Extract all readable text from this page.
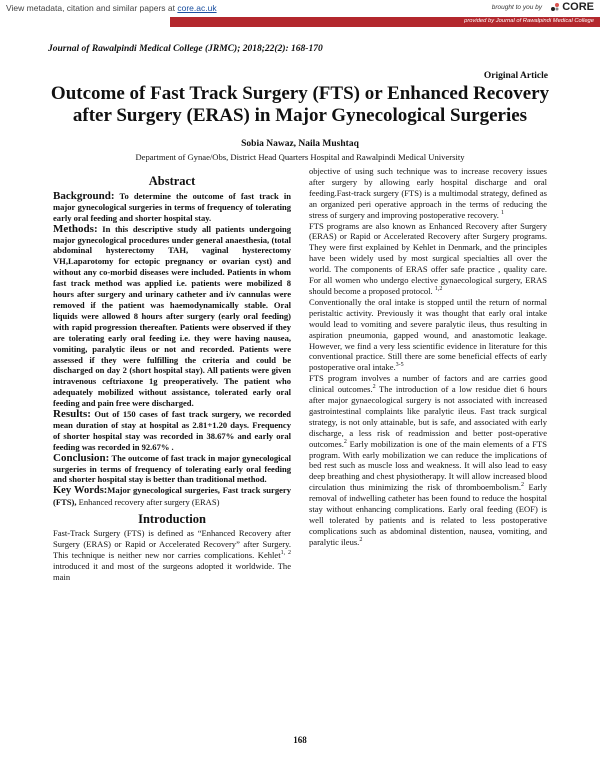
View metadata, citation and similar papers at core.ac.uk	brought to you by CORE
provided by Journal of Rawalpindi Medical College
Journal of Rawalpindi Medical College (JRMC); 2018;22(2): 168-170
Original Article
Outcome of Fast Track Surgery (FTS) or Enhanced Recovery after Surgery (ERAS) in Major Gynecological Surgeries
Sobia Nawaz, Naila Mushtaq
Department of Gynae/Obs, District Head Quarters Hospital and Rawalpindi Medical University
Abstract

Background: To determine the outcome of fast track in major gynecological surgeries in terms of frequency of tolerating early oral feeding and shorter hospital stay.

Methods: In this descriptive study all patients undergoing major gynecological procedures under general anaesthesia, (total abdominal hysterectomy TAH, vaginal hysterectomy VH,Laparotomy for ectopic pregnancy or ovarian cyst) and without any co-morbid diseases were included. Patients in whom fast track method was applied i.e. patients were mobilized 8 hours after surgery and urinary catheter and i/v cannulas were removed if the patient was haemodynamically stable. Oral liquids were allowed 8 hours after surgery (early oral feeding) with rapid progression thereafter. Patients were observed if they are tolerating early oral feeding i.e. they were having nausea, vomiting, paralytic ileus or not and recorded. Patients were assessed if they were fulfilling the criteria and could be discharged on day 2 (short hospital stay). All patients were given intravenous ceftriaxone 1g preoperatively. The patient who adequately mobilized without assistance, tolerated early oral feeding and pain free were discharged.

Results: Out of 150 cases of fast track surgery, we recorded mean duration of stay at hospital as 2.81+1.20 days. Frequency of shorter hospital stay was recorded in 38.67% and early oral feeding was recorded in 92.67% .

Conclusion: The outcome of fast track in major gynecological surgeries in terms of frequency of tolerating early oral feeding and shorter hospital stay is better than traditional method.

Key Words:Major gynecological surgeries, Fast track surgery (FTS), Enhanced recovery after surgery (ERAS)

Introduction

Fast-Track Surgery (FTS) is defined as “Enhanced Recovery after Surgery (ERAS) or Rapid or Accelerated Recovery” after Surgery. This technique is neither new nor carries complications. Kehlet$^{1, 2}$ introduced it and most of the surgeons adopted it worldwide. The main

objective of using such technique was to increase recovery issues after surgery by allowing early hospital discharge and oral feeding.Fast-track surgery (FTS) is a multimodal strategy, defined as an organized peri operative approach in the terms of reducing the stress of surgery and improving postoperative recovery. $^1$

FTS programs are also known as Enhanced Recovery after Surgery (ERAS) or Rapid or Accelerated Recovery after Surgery programs. They were first explained by Kehlet in Denmark, and the principles have been widely used by most surgical specialties all over the world. The components of ERAS offer safe practice , quality care. For all women who undergo elective gynaecological surgery, ERAS should become a proposed protocol. $^{1,2}$

Conventionally the oral intake is stopped until the return of normal peristaltic activity. Previously it was thought that early oral intake would lead to vomiting and severe paralytic ileus, thus resulting in aspiration pneumonia, gapped wound, and anastomotic leakage. However, we find a very less scientific evidence in literature for this conventional practice. Still there are some beneficial effects of early postoperative oral intake.$^{3-5}$

FTS program involves a number of factors and are carries good clinical outcomes.$^2$ The introduction of a low residue diet 6 hours after major gynaecological surgery is not associated with increased gastrointestinal complaints like paralytic ileus. Fast track surgical strategy, is not only attainable, but is safe, and associated with early discharge, a less risk of readmission and better post-operative outcomes.$^2$ Early mobilization is one of the main elements of a FTS program. With early mobilization we can reduce the implications of bed rest such as muscle loss and weakness. It will also lead to easy deep breathing and chest physiotherapy. It will allow increased blood circulation thus minimizing the risk of thromboembolism.$^2$ Early removal of indwelling catheter has been found to reduce the hospital stay without enhancing complications. Early oral feeding (EOF) is well tolerated by patients and is related to less postoperative complications such as abdominal distention, nausea, vomiting, and paralytic ileus.$^2$

168
